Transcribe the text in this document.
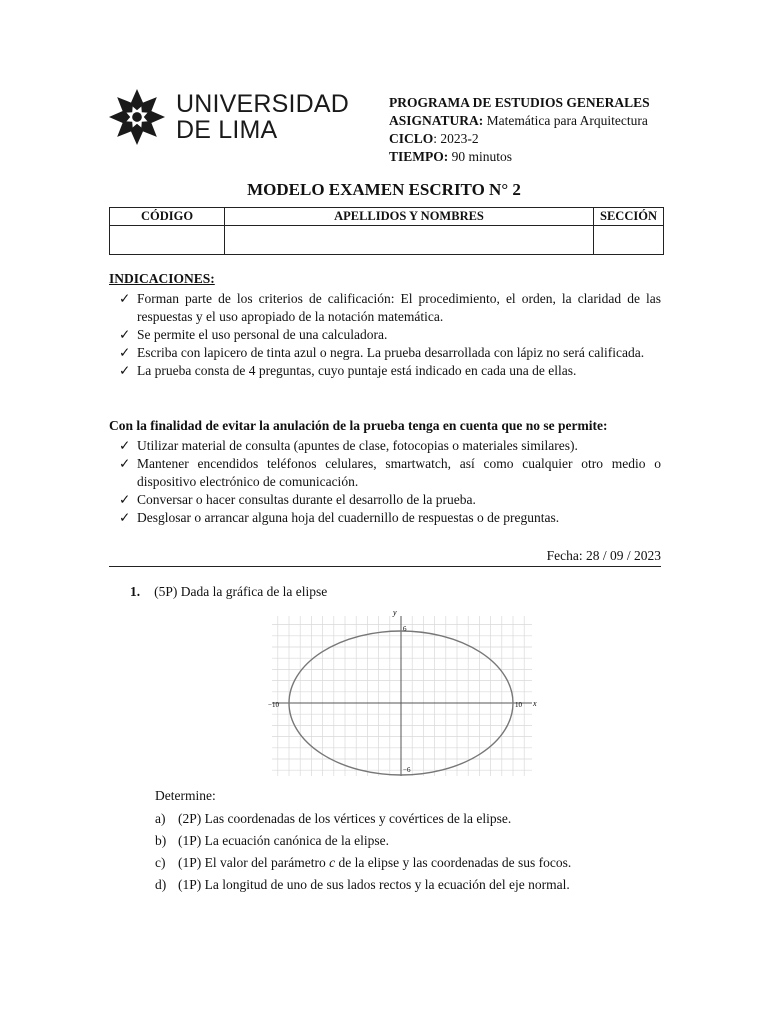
UNIVERSIDAD
DE LIMA
PROGRAMA DE ESTUDIOS GENERALES
ASIGNATURA: Matemática para Arquitectura
CICLO: 2023-2
TIEMPO: 90 minutos
MODELO EXAMEN ESCRITO N° 2
CÓDIGO	APELLIDOS Y NOMBRES	SECCIÓN

INDICACIONES:
✓ Forman parte de los criterios de calificación: El procedimiento, el orden, la claridad de las respuestas y el uso apropiado de la notación matemática.
✓ Se permite el uso personal de una calculadora.
✓ Escriba con lapicero de tinta azul o negra. La prueba desarrollada con lápiz no será calificada.
✓ La prueba consta de 4 preguntas, cuyo puntaje está indicado en cada una de ellas.
Con la finalidad de evitar la anulación de la prueba tenga en cuenta que no se permite:
✓ Utilizar material de consulta (apuntes de clase, fotocopias o materiales similares).
✓ Mantener encendidos teléfonos celulares, smartwatch, así como cualquier otro medio o dispositivo electrónico de comunicación.
✓ Conversar o hacer consultas durante el desarrollo de la prueba.
✓ Desglosar o arrancar alguna hoja del cuadernillo de respuestas o de preguntas.
Fecha: 28 / 09 / 2023
1. (5P) Dada la gráfica de la elipse
y
x
6
−6
−10	10
Determine:
a) (2P) Las coordenadas de los vértices y covértices de la elipse.
b) (1P) La ecuación canónica de la elipse.
c) (1P) El valor del parámetro c de la elipse y las coordenadas de sus focos.
d) (1P) La longitud de uno de sus lados rectos y la ecuación del eje normal.
